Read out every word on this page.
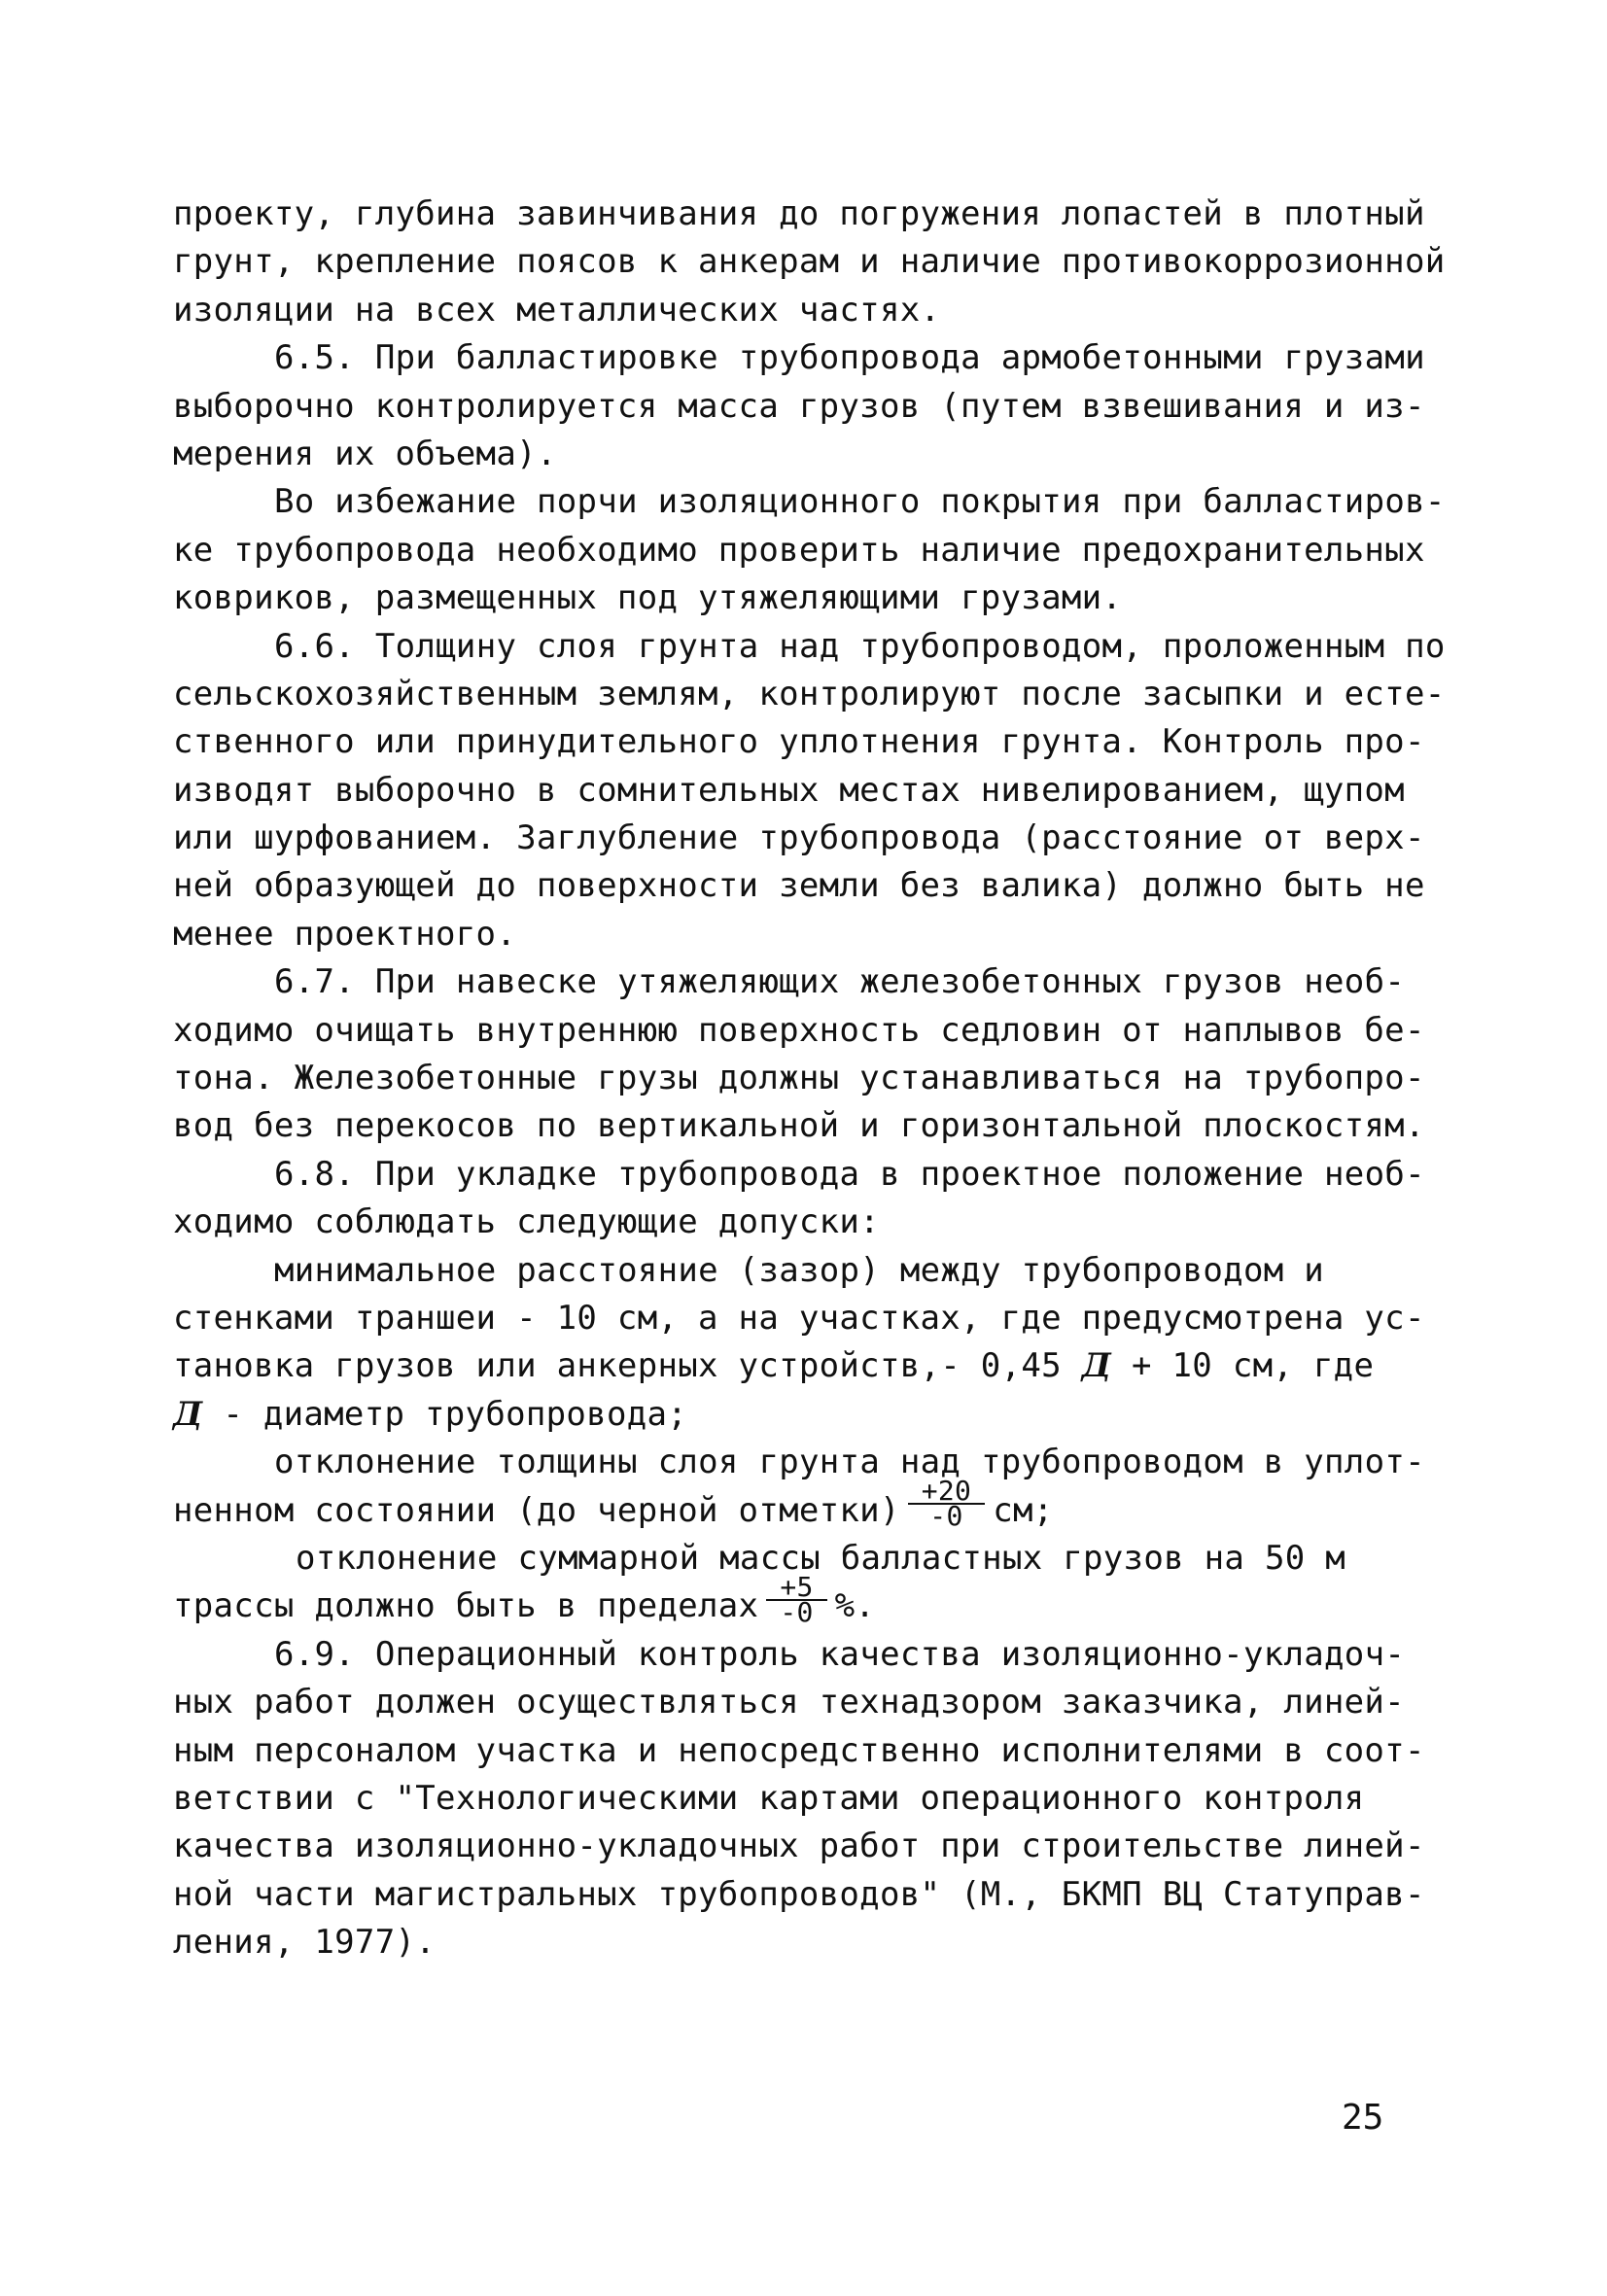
проекту, глубина завинчивания до погружения лопастей в плотный
грунт, крепление поясов к анкерам и наличие противокоррозионной
изоляции на всех металлических частях.
6.5. При балластировке трубопровода армобетонными грузами
выборочно контролируется масса грузов (путем взвешивания и из-
мерения их объема).
Во избежание порчи изоляционного покрытия при балластиров-
ке трубопровода необходимо проверить наличие предохранительных
ковриков, размещенных под утяжеляющими грузами.
6.6. Толщину слоя грунта над трубопроводом, проложенным по
сельскохозяйственным землям, контролируют после засыпки и есте-
ственного или принудительного уплотнения грунта. Контроль про-
изводят выборочно в сомнительных местах нивелированием, щупом
или шурфованием. Заглубление трубопровода (расстояние от верх-
ней образующей до поверхности земли без валика) должно быть не
менее проектного.
6.7. При навеске утяжеляющих железобетонных грузов необ-
ходимо очищать внутреннюю поверхность седловин от наплывов бе-
тона. Железобетонные грузы должны устанавливаться на трубопро-
вод без перекосов по вертикальной и горизонтальной плоскостям.
6.8. При укладке трубопровода в проектное положение необ-
ходимо соблюдать следующие допуски:
минимальное расстояние (зазор) между трубопроводом и
стенками траншеи - 10 см, а на участках, где предусмотрена ус-
тановка грузов или анкерных устройств,- 0,45 Д + 10 см, где
Д - диаметр трубопровода;
отклонение толщины слоя грунта над трубопроводом в уплот-
ненном состоянии (до черной отметки) $\frac{+20}{-0}$ см;
отклонение суммарной массы балластных грузов на 50 м
трассы должно быть в пределах $\frac{+5}{-0}$ %.
6.9. Операционный контроль качества изоляционно-укладоч-
ных работ должен осуществляться технадзором заказчика, линей-
ным персоналом участка и непосредственно исполнителями в соот-
ветствии с "Технологическими картами операционного контроля
качества изоляционно-укладочных работ при строительстве линей-
ной части магистральных трубопроводов" (М., БКМП ВЦ Статуправ-
ления, 1977).
25
